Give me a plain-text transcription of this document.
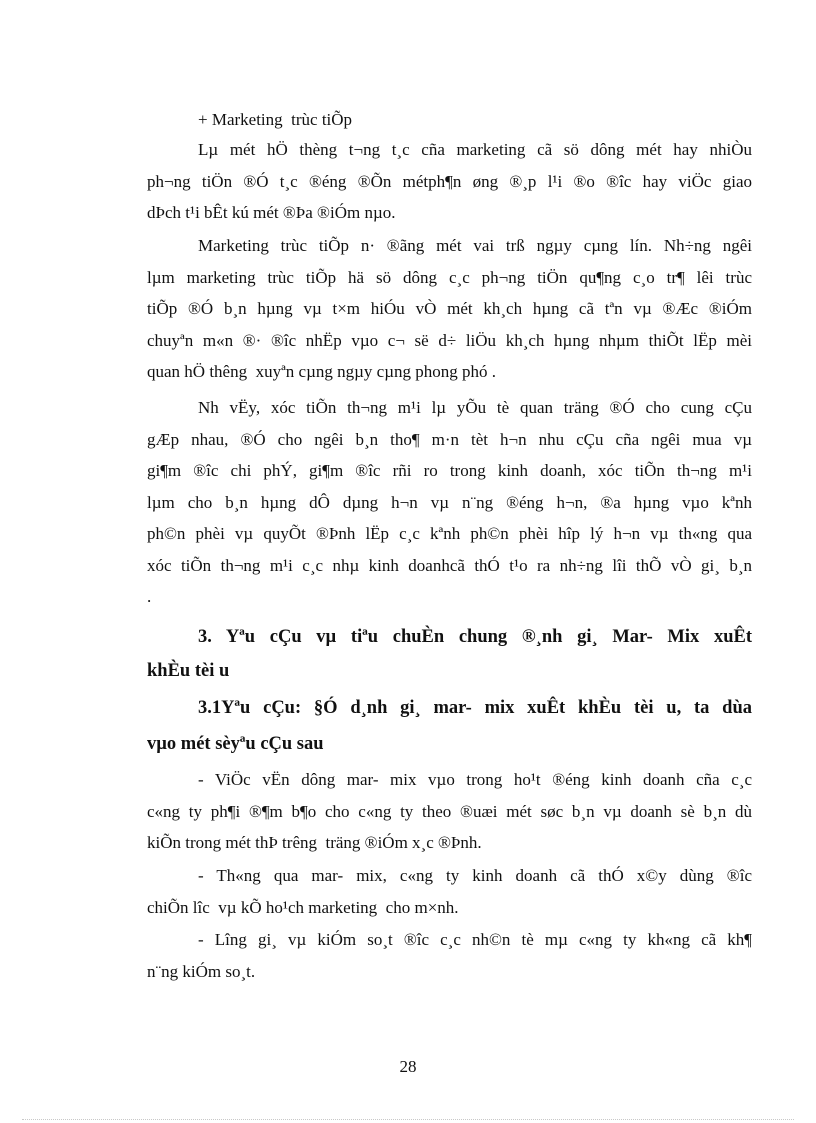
+ Marketing  trùc tiÕp
Lµ mét hÖ thèng t¬ng t¸c cña marketing cã sö dông mét hay nhiÒu
ph¬ng tiÖn ®Ó t¸c ®éng ®Õn métph¶n øng ®¸p l¹i ®o ®îc hay viÖc giao
dÞch t¹i bÊt kú mét ®Þa ®iÓm nµo.
Marketing trùc tiÕp n· ®ãng mét vai trß ngµy cµng lín. Nh÷ng ngêi
lµm marketing trùc tiÕp hä sö dông c¸c ph¬ng tiÖn qu¶ng c¸o tr¶ lêi trùc
tiÕp ®Ó b¸n hµng vµ t×m hiÓu vÒ mét kh¸ch hµng cã tªn vµ ®Æc ®iÓm
chuyªn m«n ®· ®îc nhËp vµo c¬ së d÷ liÖu kh¸ch hµng nhµm thiÕt lËp mèi
quan hÖ thêng  xuyªn cµng ngµy cµng phong phó .
Nh vËy, xóc tiÕn th¬ng m¹i lµ yÕu tè quan träng ®Ó cho cung cÇu
gÆp nhau, ®Ó cho ngêi b¸n tho¶ m·n tèt h¬n nhu cÇu cña ngêi mua vµ
gi¶m ®îc chi phÝ, gi¶m ®îc rñi ro trong kinh doanh, xóc tiÕn th¬ng m¹i
lµm cho b¸n hµng dÔ dµng h¬n vµ n¨ng ®éng h¬n, ®a hµng vµo kªnh
ph©n phèi vµ quyÕt ®Þnh lËp c¸c kªnh ph©n phèi hîp lý h¬n vµ th«ng qua
xóc tiÕn th¬ng m¹i c¸c nhµ kinh doanhcã thÓ t¹o ra nh÷ng lîi thÕ vÒ gi¸ b¸n
.
3. Yªu cÇu vµ tiªu chuÈn chung ®¸nh gi¸ Mar- Mix xuÊt
khÈu tèi u
3.1Yªu cÇu: §Ó d¸nh gi¸ mar- mix xuÊt khÈu tèi u, ta dùa
vµo mét sèyªu cÇu sau
- ViÖc vËn dông mar- mix vµo trong ho¹t ®éng kinh doanh cña c¸c
c«ng ty ph¶i ®¶m b¶o cho c«ng ty theo ®uæi mét søc b¸n vµ doanh sè b¸n dù
kiÕn trong mét thÞ trêng  träng ®iÓm x¸c ®Þnh.
- Th«ng qua mar- mix, c«ng ty kinh doanh cã thÓ x©y dùng ®îc
chiÕn lîc  vµ kÕ ho¹ch marketing  cho m×nh.
- Lîng gi¸ vµ kiÓm so¸t ®îc c¸c nh©n tè mµ c«ng ty kh«ng cã kh¶
n¨ng kiÓm so¸t.
28
